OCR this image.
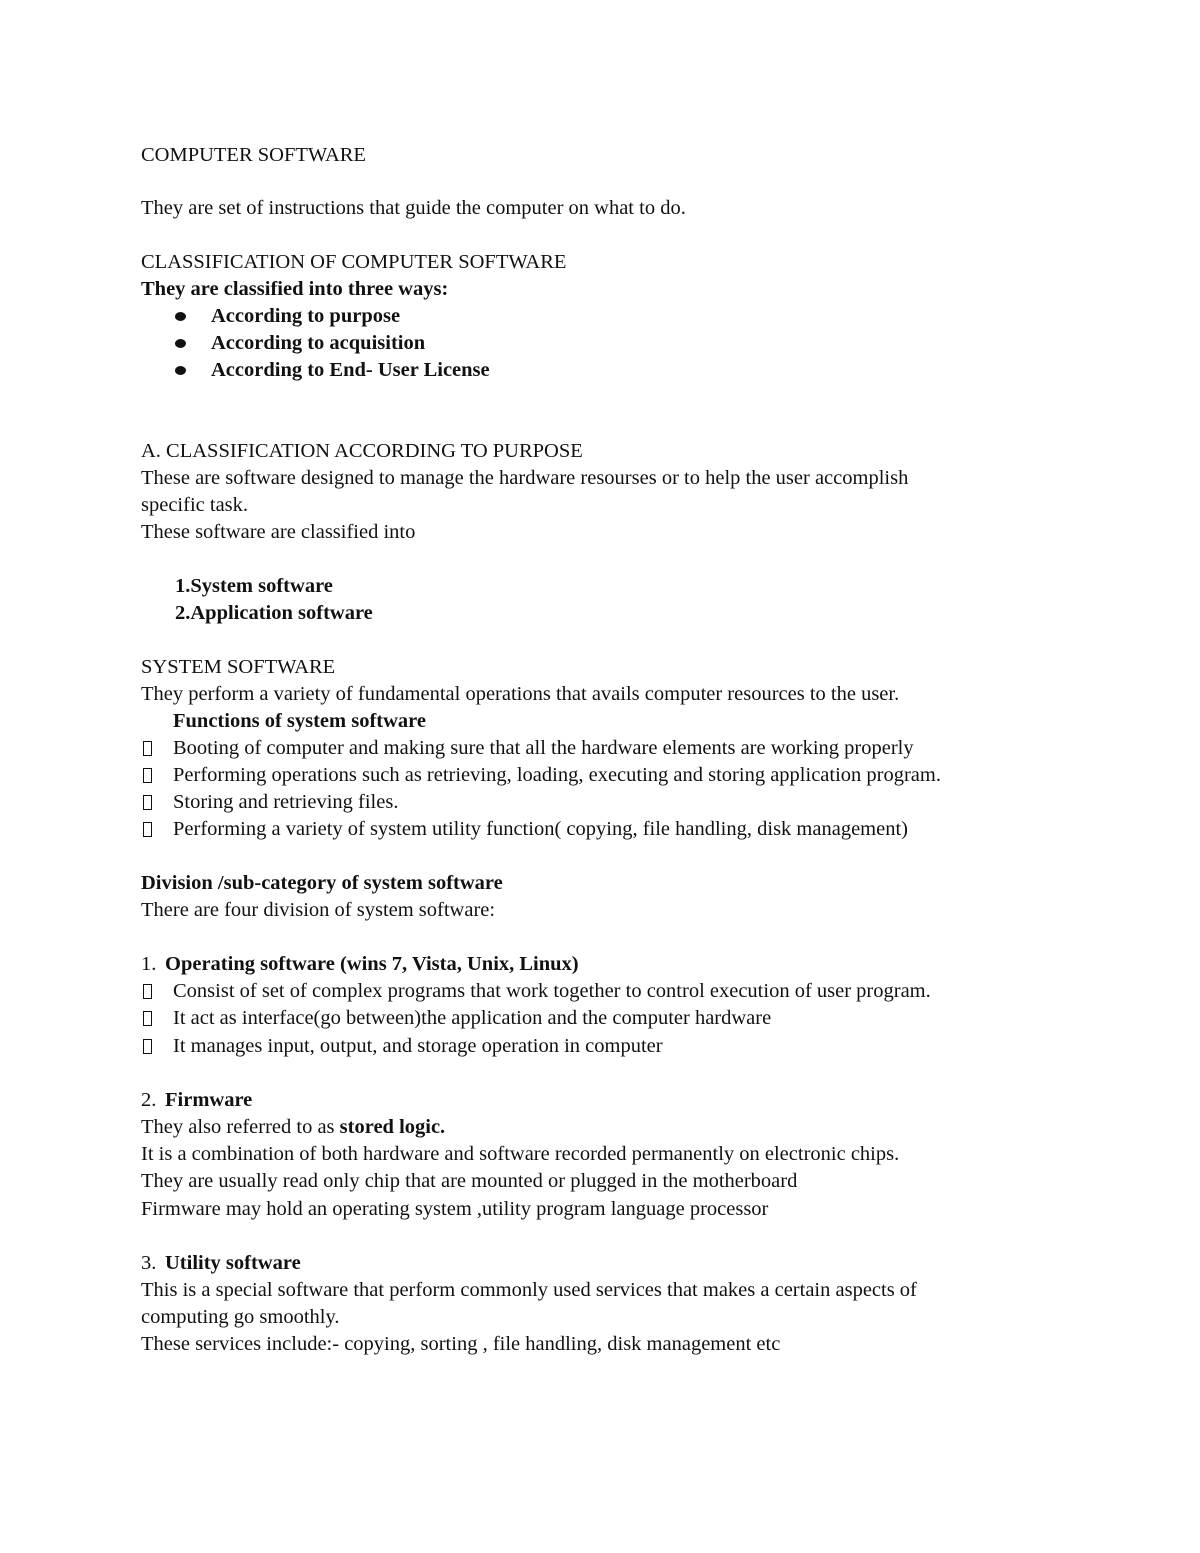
COMPUTER SOFTWARE
They are set of instructions that guide the computer on what to do.
CLASSIFICATION OF COMPUTER SOFTWARE
They are classified into three ways:
According to purpose
According to acquisition
According to End- User License
A. CLASSIFICATION ACCORDING TO PURPOSE
These are software designed to manage the hardware resourses or to help the user accomplish
specific task.
These software are classified into
1.System software
2.Application software
SYSTEM SOFTWARE
They perform a variety of fundamental operations that avails computer resources to the user.
Functions of system software
Booting of computer and making sure that all the hardware elements are working properly
Performing operations such as retrieving, loading, executing and storing application program.
Storing and retrieving files.
Performing a variety of system utility function( copying, file handling, disk management)
Division /sub-category of system software
There are four division of system software:
1. Operating software (wins 7, Vista, Unix, Linux)
Consist of set of complex programs that work together to control execution of user program.
It act as interface(go between)the application and the computer hardware
It manages input, output, and storage operation in computer
2. Firmware
They also referred to as stored logic.
It is a combination of both hardware and software recorded permanently on electronic chips.
They are usually read only chip that are mounted or plugged in the motherboard
Firmware may hold an operating system ,utility program language processor
3. Utility software
This is a special software that perform commonly used services that makes a certain aspects of
computing go smoothly.
These services include:- copying, sorting , file handling, disk management etc
